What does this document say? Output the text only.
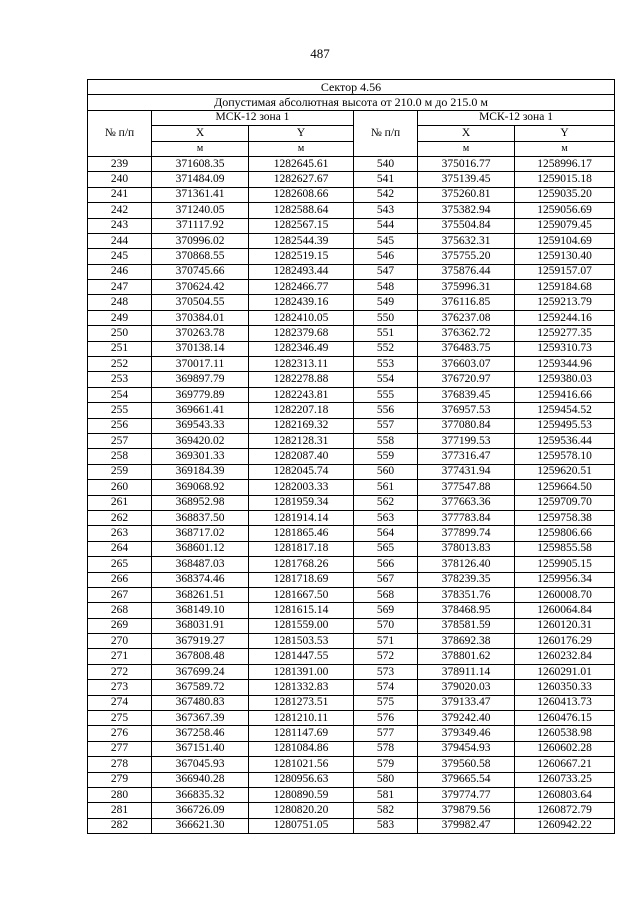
487
Сектор 4.56					
Допустимая абсолютная высота от 210.0 м до 215.0 м					
№ п/п	МСК-12 зона 1		№ п/п	МСК-12 зона 1	
	X	Y		X	Y
	м	м		м	м
239	371608.35	1282645.61	540	375016.77	1258996.17
240	371484.09	1282627.67	541	375139.45	1259015.18
241	371361.41	1282608.66	542	375260.81	1259035.20
242	371240.05	1282588.64	543	375382.94	1259056.69
243	371117.92	1282567.15	544	375504.84	1259079.45
244	370996.02	1282544.39	545	375632.31	1259104.69
245	370868.55	1282519.15	546	375755.20	1259130.40
246	370745.66	1282493.44	547	375876.44	1259157.07
247	370624.42	1282466.77	548	375996.31	1259184.68
248	370504.55	1282439.16	549	376116.85	1259213.79
249	370384.01	1282410.05	550	376237.08	1259244.16
250	370263.78	1282379.68	551	376362.72	1259277.35
251	370138.14	1282346.49	552	376483.75	1259310.73
252	370017.11	1282313.11	553	376603.07	1259344.96
253	369897.79	1282278.88	554	376720.97	1259380.03
254	369779.89	1282243.81	555	376839.45	1259416.66
255	369661.41	1282207.18	556	376957.53	1259454.52
256	369543.33	1282169.32	557	377080.84	1259495.53
257	369420.02	1282128.31	558	377199.53	1259536.44
258	369301.33	1282087.40	559	377316.47	1259578.10
259	369184.39	1282045.74	560	377431.94	1259620.51
260	369068.92	1282003.33	561	377547.88	1259664.50
261	368952.98	1281959.34	562	377663.36	1259709.70
262	368837.50	1281914.14	563	377783.84	1259758.38
263	368717.02	1281865.46	564	377899.74	1259806.66
264	368601.12	1281817.18	565	378013.83	1259855.58
265	368487.03	1281768.26	566	378126.40	1259905.15
266	368374.46	1281718.69	567	378239.35	1259956.34
267	368261.51	1281667.50	568	378351.76	1260008.70
268	368149.10	1281615.14	569	378468.95	1260064.84
269	368031.91	1281559.00	570	378581.59	1260120.31
270	367919.27	1281503.53	571	378692.38	1260176.29
271	367808.48	1281447.55	572	378801.62	1260232.84
272	367699.24	1281391.00	573	378911.14	1260291.01
273	367589.72	1281332.83	574	379020.03	1260350.33
274	367480.83	1281273.51	575	379133.47	1260413.73
275	367367.39	1281210.11	576	379242.40	1260476.15
276	367258.46	1281147.69	577	379349.46	1260538.98
277	367151.40	1281084.86	578	379454.93	1260602.28
278	367045.93	1281021.56	579	379560.58	1260667.21
279	366940.28	1280956.63	580	379665.54	1260733.25
280	366835.32	1280890.59	581	379774.77	1260803.64
281	366726.09	1280820.20	582	379879.56	1260872.79
282	366621.30	1280751.05	583	379982.47	1260942.22
